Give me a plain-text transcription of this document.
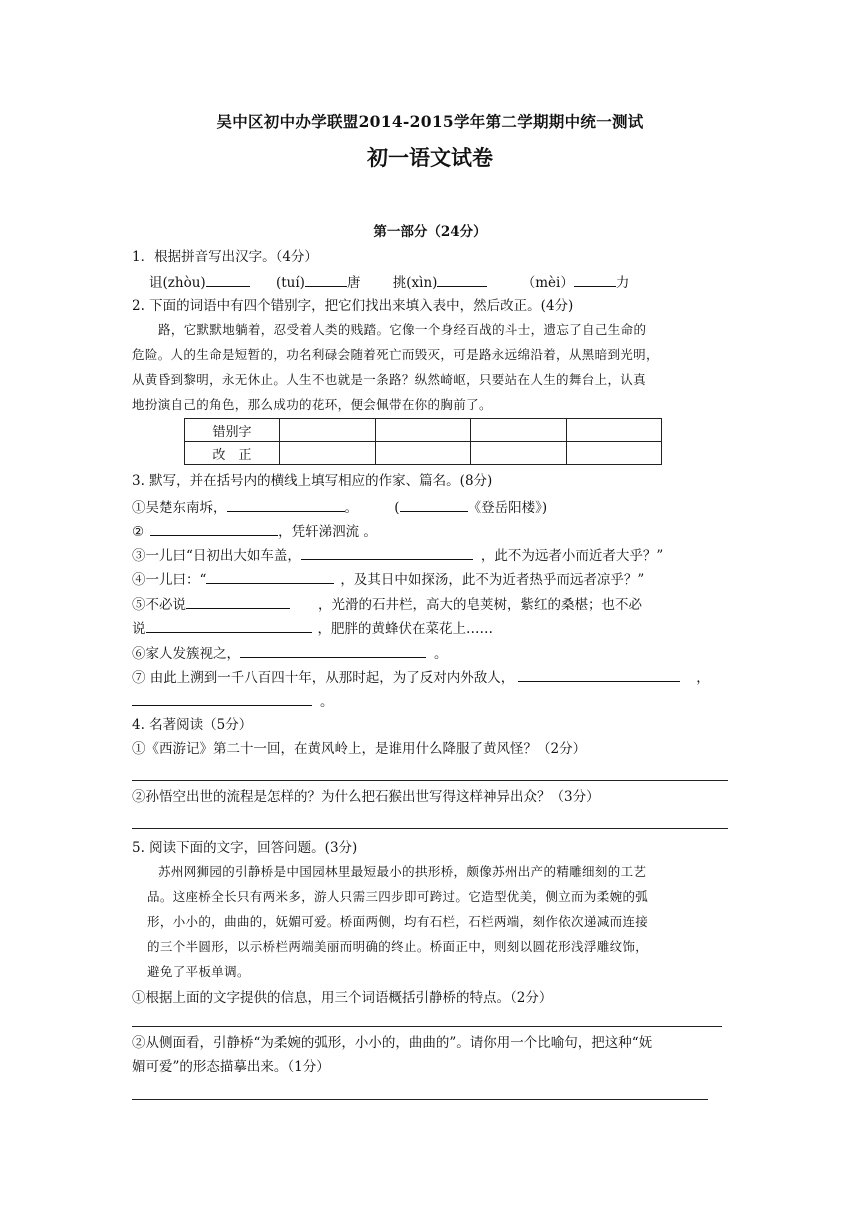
吴中区初中办学联盟2014-2015学年第二学期期中统一测试
初一语文试卷
第一部分（24分）
1．根据拼音写出汉字。（4分）
诅(zhòu)	(tuí)	唐 挑(xìn)	（mèi）	力
2. 下面的词语中有四个错别字，把它们找出来填入表中，然后改正。(4分)
路，它默默地躺着，忍受着人类的贱踏。它像一个身经百战的斗士，遗忘了自己生命的
危险。人的生命是短暂的，功名利碌会随着死亡而毁灭，可是路永远绵沿着，从黑暗到光明，
从黄昏到黎明，永无休止。人生不也就是一条路？纵然崎岖，只要站在人生的舞台上，认真
地扮演自己的角色，那么成功的花环，便会佩带在你的胸前了。
错别字				
改　正				
3. 默写，并在括号内的横线上填写相应的作家、篇名。(8分)
①吴楚东南坼，	。	(	《登岳阳楼》)
②	，凭轩涕泗流 。
③一儿曰“日初出大如车盖，	，此不为远者小而近者大乎？”
④一儿曰：“	，及其日中如探汤，此不为近者热乎而远者凉乎？”
⑤不必说	，光滑的石井栏，高大的皂荚树，紫红的桑椹；也不必
说	，肥胖的黄蜂伏在菜花上……
⑥家人发簇视之，	。
⑦ 由此上溯到一千八百四十年，从那时起，为了反对内外敌人，	，
。
4. 名著阅读（5分）
①《西游记》第二十一回，在黄风岭上，是谁用什么降服了黄风怪？（2分）
②孙悟空出世的流程是怎样的？为什么把石猴出世写得这样神异出众？（3分）
5. 阅读下面的文字，回答问题。(3分)
苏州网狮园的引静桥是中国园林里最短最小的拱形桥，颇像苏州出产的精雕细刻的工艺
品。这座桥全长只有两米多，游人只需三四步即可跨过。它造型优美，侧立而为柔婉的弧
形，小小的，曲曲的，妩媚可爱。桥面两侧，均有石栏，石栏两端，刻作依次递减而连接
的三个半圆形，以示桥栏两端美丽而明确的终止。桥面正中，则刻以圆花形浅浮雕纹饰，
避免了平板单调。
①根据上面的文字提供的信息，用三个词语概括引静桥的特点。（2分）
②从侧面看，引静桥“为柔婉的弧形，小小的，曲曲的”。请你用一个比喻句，把这种“妩
媚可爱”的形态描摹出来。（1分）
